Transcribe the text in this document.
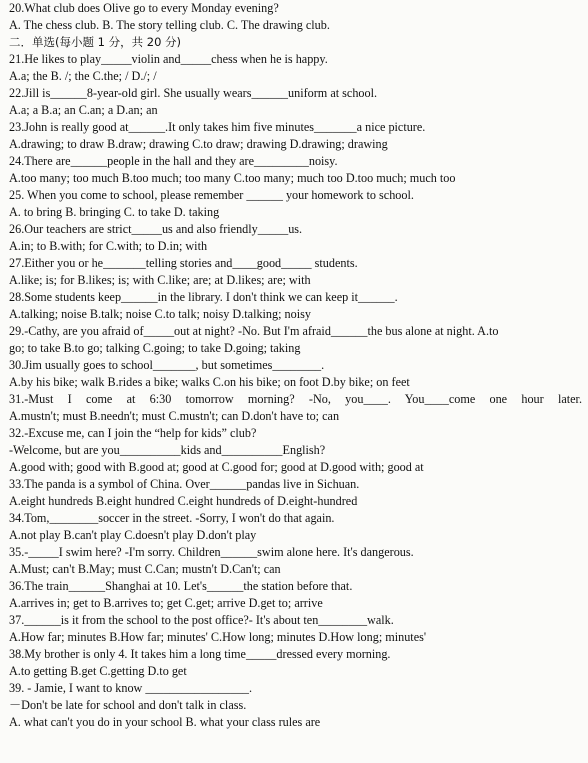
20.What club does Olive go to every Monday evening?
A. The chess club. B. The story telling club. C. The drawing club.
二．单选(每小题 1 分，共 20 分)
21.He likes to play_____violin and_____chess when he is happy.
A.a; the B. /; the C.the; / D./; /
22.Jill is______8-year-old girl. She usually wears______uniform at school.
A.a; a B.a; an C.an; a D.an; an
23.John is really good at______.It only takes him five minutes_______a nice picture.
A.drawing; to draw B.draw; drawing C.to draw; drawing D.drawing; drawing
24.There are______people in the hall and they are_________noisy.
A.too many; too much B.too much; too many C.too many; much too D.too much; much too
25. When you come to school, please remember ______ your homework to school.
A. to bring B. bringing C. to take D. taking
26.Our teachers are strict_____us and also friendly_____us.
A.in; to B.with; for C.with; to D.in; with
27.Either you or he_______telling stories and____good_____ students.
A.like; is; for B.likes; is; with C.like; are; at D.likes; are; with
28.Some students keep______in the library. I don't think we can keep it______.
A.talking; noise B.talk; noise C.to talk; noisy D.talking; noisy
29.-Cathy, are you afraid of_____out at night? -No. But I'm afraid______the bus alone at night. A.to
go; to take B.to go; talking C.going; to take D.going; taking
30.Jim usually goes to school_______, but sometimes________.
A.by his bike; walk B.rides a bike; walks C.on his bike; on foot D.by bike; on feet
31.-Must I come at 6:30 tomorrow morning? -No, you____. You____come one hour later.
A.mustn't; must B.needn't; must C.mustn't; can D.don't have to; can
32.-Excuse me, can I join the “help for kids” club?
-Welcome, but are you__________kids and__________English?
A.good with; good with B.good at; good at C.good for; good at D.good with; good at
33.The panda is a symbol of China. Over______pandas live in Sichuan.
A.eight hundreds B.eight hundred C.eight hundreds of D.eight-hundred
34.Tom,________soccer in the street. -Sorry, I won't do that again.
A.not play B.can't play C.doesn't play D.don't play
35.-_____I swim here? -I'm sorry. Children______swim alone here. It's dangerous.
A.Must; can't B.May; must C.Can; mustn't D.Can't; can
36.The train______Shanghai at 10. Let's______the station before that.
A.arrives in; get to B.arrives to; get C.get; arrive D.get to; arrive
37.______is it from the school to the post office?- It's about ten________walk.
A.How far; minutes B.How far; minutes' C.How long; minutes D.How long; minutes'
38.My brother is only 4. It takes him a long time_____dressed every morning.
A.to getting B.get C.getting D.to get
39. - Jamie, I want to know _________________.
－Don't be late for school and don't talk in class.
A. what can't you do in your school B. what your class rules are
